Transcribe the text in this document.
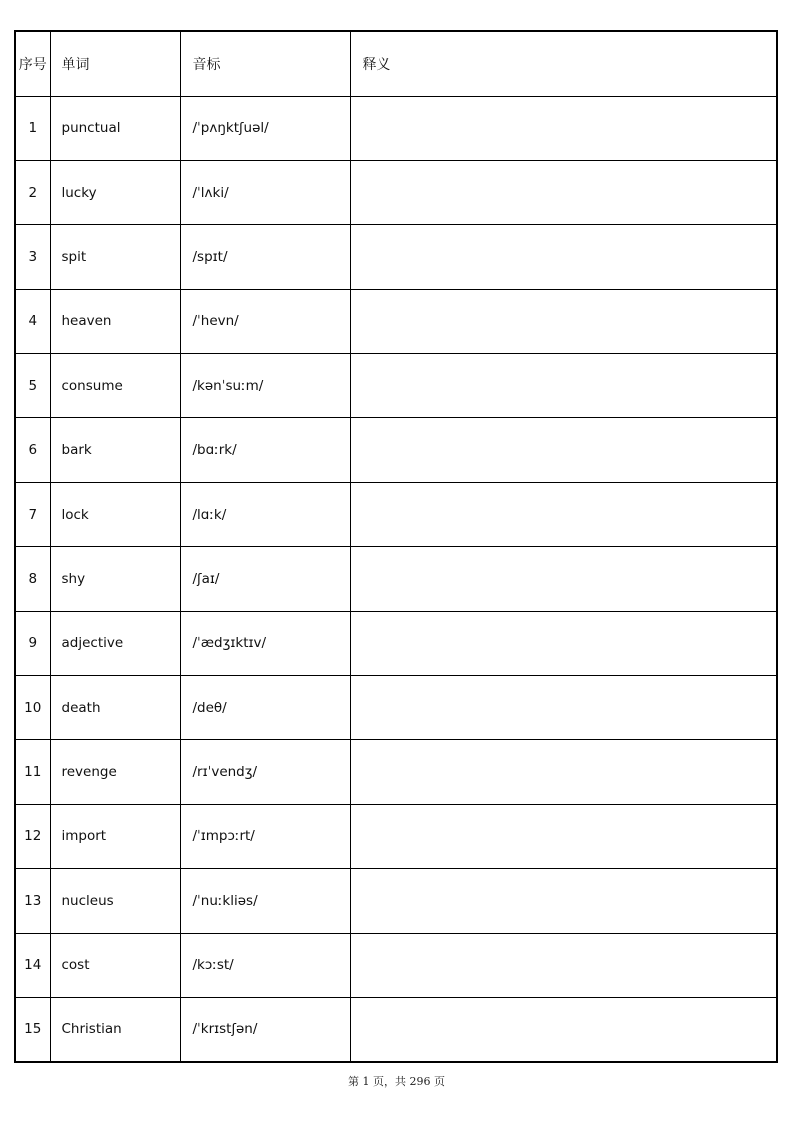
序号	单词	音标	释义
1	punctual	/ˈpʌŋktʃuəl/	
2	lucky	/ˈlʌki/	
3	spit	/spɪt/	
4	heaven	/ˈhevn/	
5	consume	/kənˈsuːm/	
6	bark	/bɑːrk/	
7	lock	/lɑːk/	
8	shy	/ʃaɪ/	
9	adjective	/ˈædʒɪktɪv/	
10	death	/deθ/	
11	revenge	/rɪˈvendʒ/	
12	import	/ˈɪmpɔːrt/	
13	nucleus	/ˈnuːkliəs/	
14	cost	/kɔːst/	
15	Christian	/ˈkrɪstʃən/	
第 1 页，共 296 页
